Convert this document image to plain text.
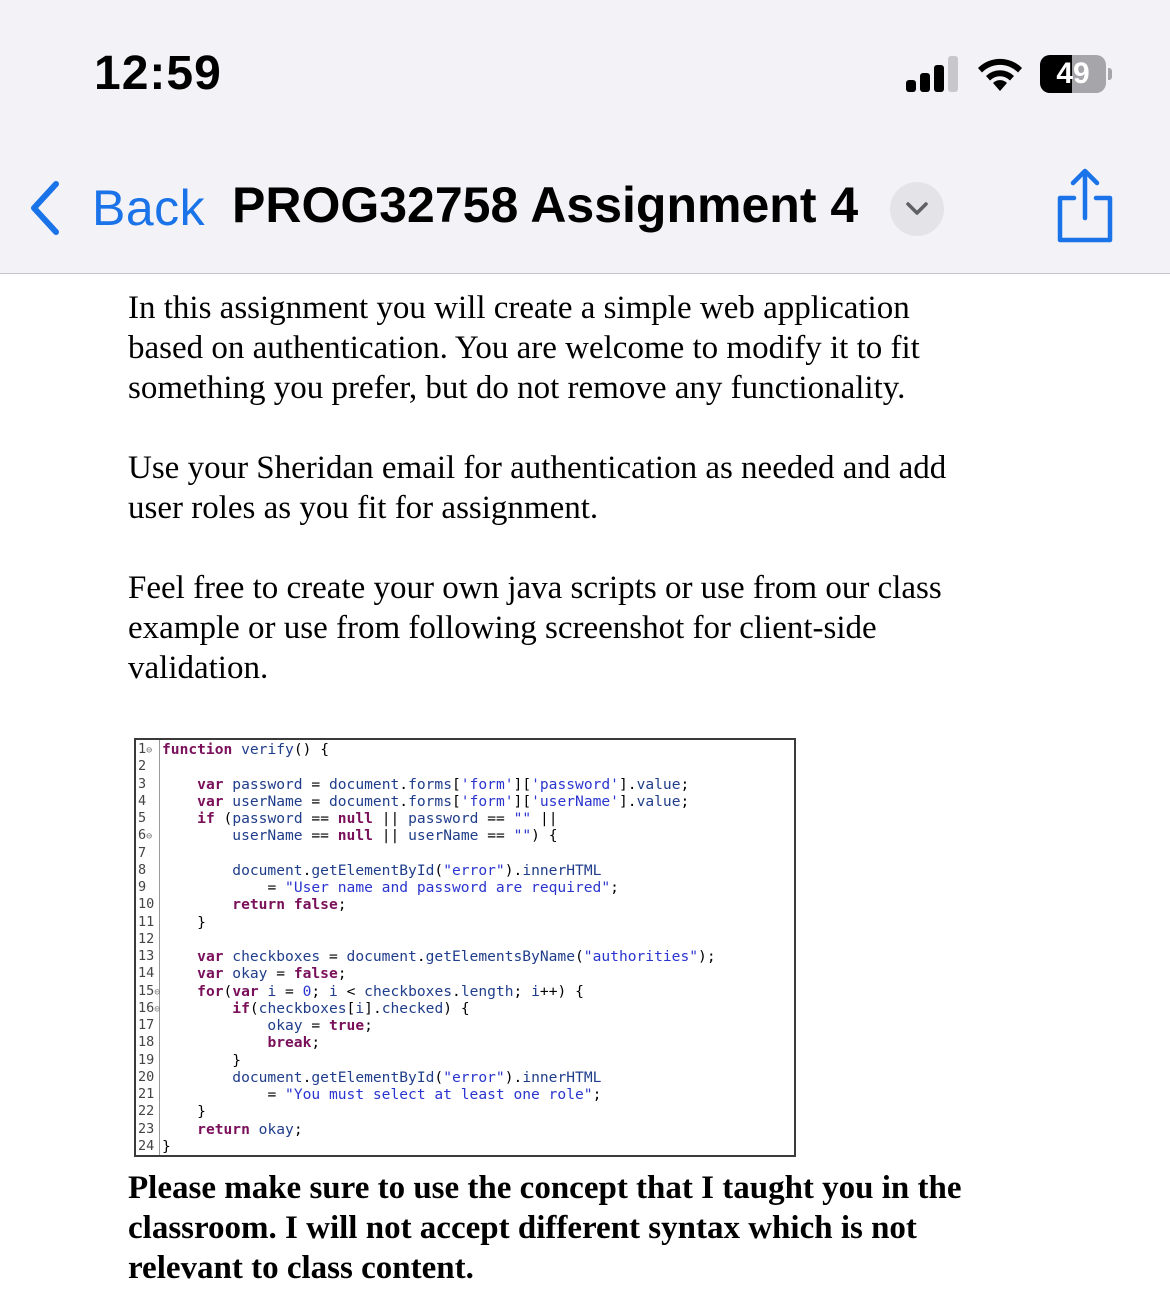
12:59	49
Back PROG32758 Assignment 4

In this assignment you will create a simple web application
based on authentication. You are welcome to modify it to fit
something you prefer, but do not remove any functionality.

Use your Sheridan email for authentication as needed and add
user roles as you fit for assignment.

Feel free to create your own java scripts or use from our class
example or use from following screenshot for client-side
validation.

1⊖ function verify() {
2
3	var password = document.forms['form']['password'].value;
4	var userName = document.forms['form']['userName'].value;
5	if (password == null || password == "" ||
6⊖ userName == null || userName == "") {
7
8	document.getElementById("error").innerHTML
9	= "User name and password are required";
10	return false;
11	}
12
13	var checkboxes = document.getElementsByName("authorities");
14	var okay = false;
15⊖	for(var i = 0; i < checkboxes.length; i++) {
16⊖	if(checkboxes[i].checked) {
17 okay = true;
18	break;
19	}
20 document.getElementById("error").innerHTML
21	= "You must select at least one role";
22	}
23	return okay;
24 }
Please make sure to use the concept that I taught you in the
classroom. I will not accept different syntax which is not
relevant to class content.
